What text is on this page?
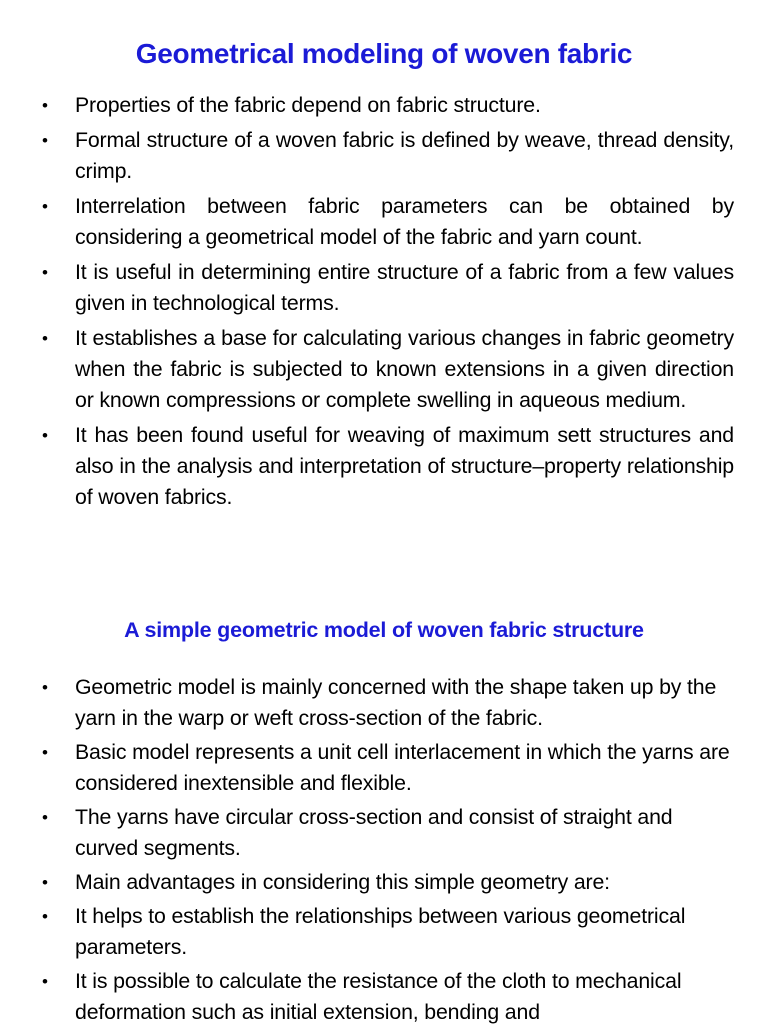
Geometrical modeling of woven fabric
• Properties of the fabric depend on fabric structure.
• Formal structure of a woven fabric is defined by weave, thread density, crimp.
• Interrelation between fabric parameters can be obtained by considering a geometrical model of the fabric and yarn count.
• It is useful in determining entire structure of a fabric from a few values given in technological terms.
• It establishes a base for calculating various changes in fabric geometry when the fabric is subjected to known extensions in a given direction or known compressions or complete swelling in aqueous medium.
• It has been found useful for weaving of maximum sett structures and also in the analysis and interpretation of structure–property relationship of woven fabrics.
A simple geometric model of woven fabric structure
• Geometric model is mainly concerned with the shape taken up by the yarn in the warp or weft cross-section of the fabric.
• Basic model represents a unit cell interlacement in which the yarns are considered inextensible and flexible.
• The yarns have circular cross-section and consist of straight and curved segments.
• Main advantages in considering this simple geometry are:
• It helps to establish the relationships between various geometrical parameters.
• It is possible to calculate the resistance of the cloth to mechanical deformation such as initial extension, bending and
